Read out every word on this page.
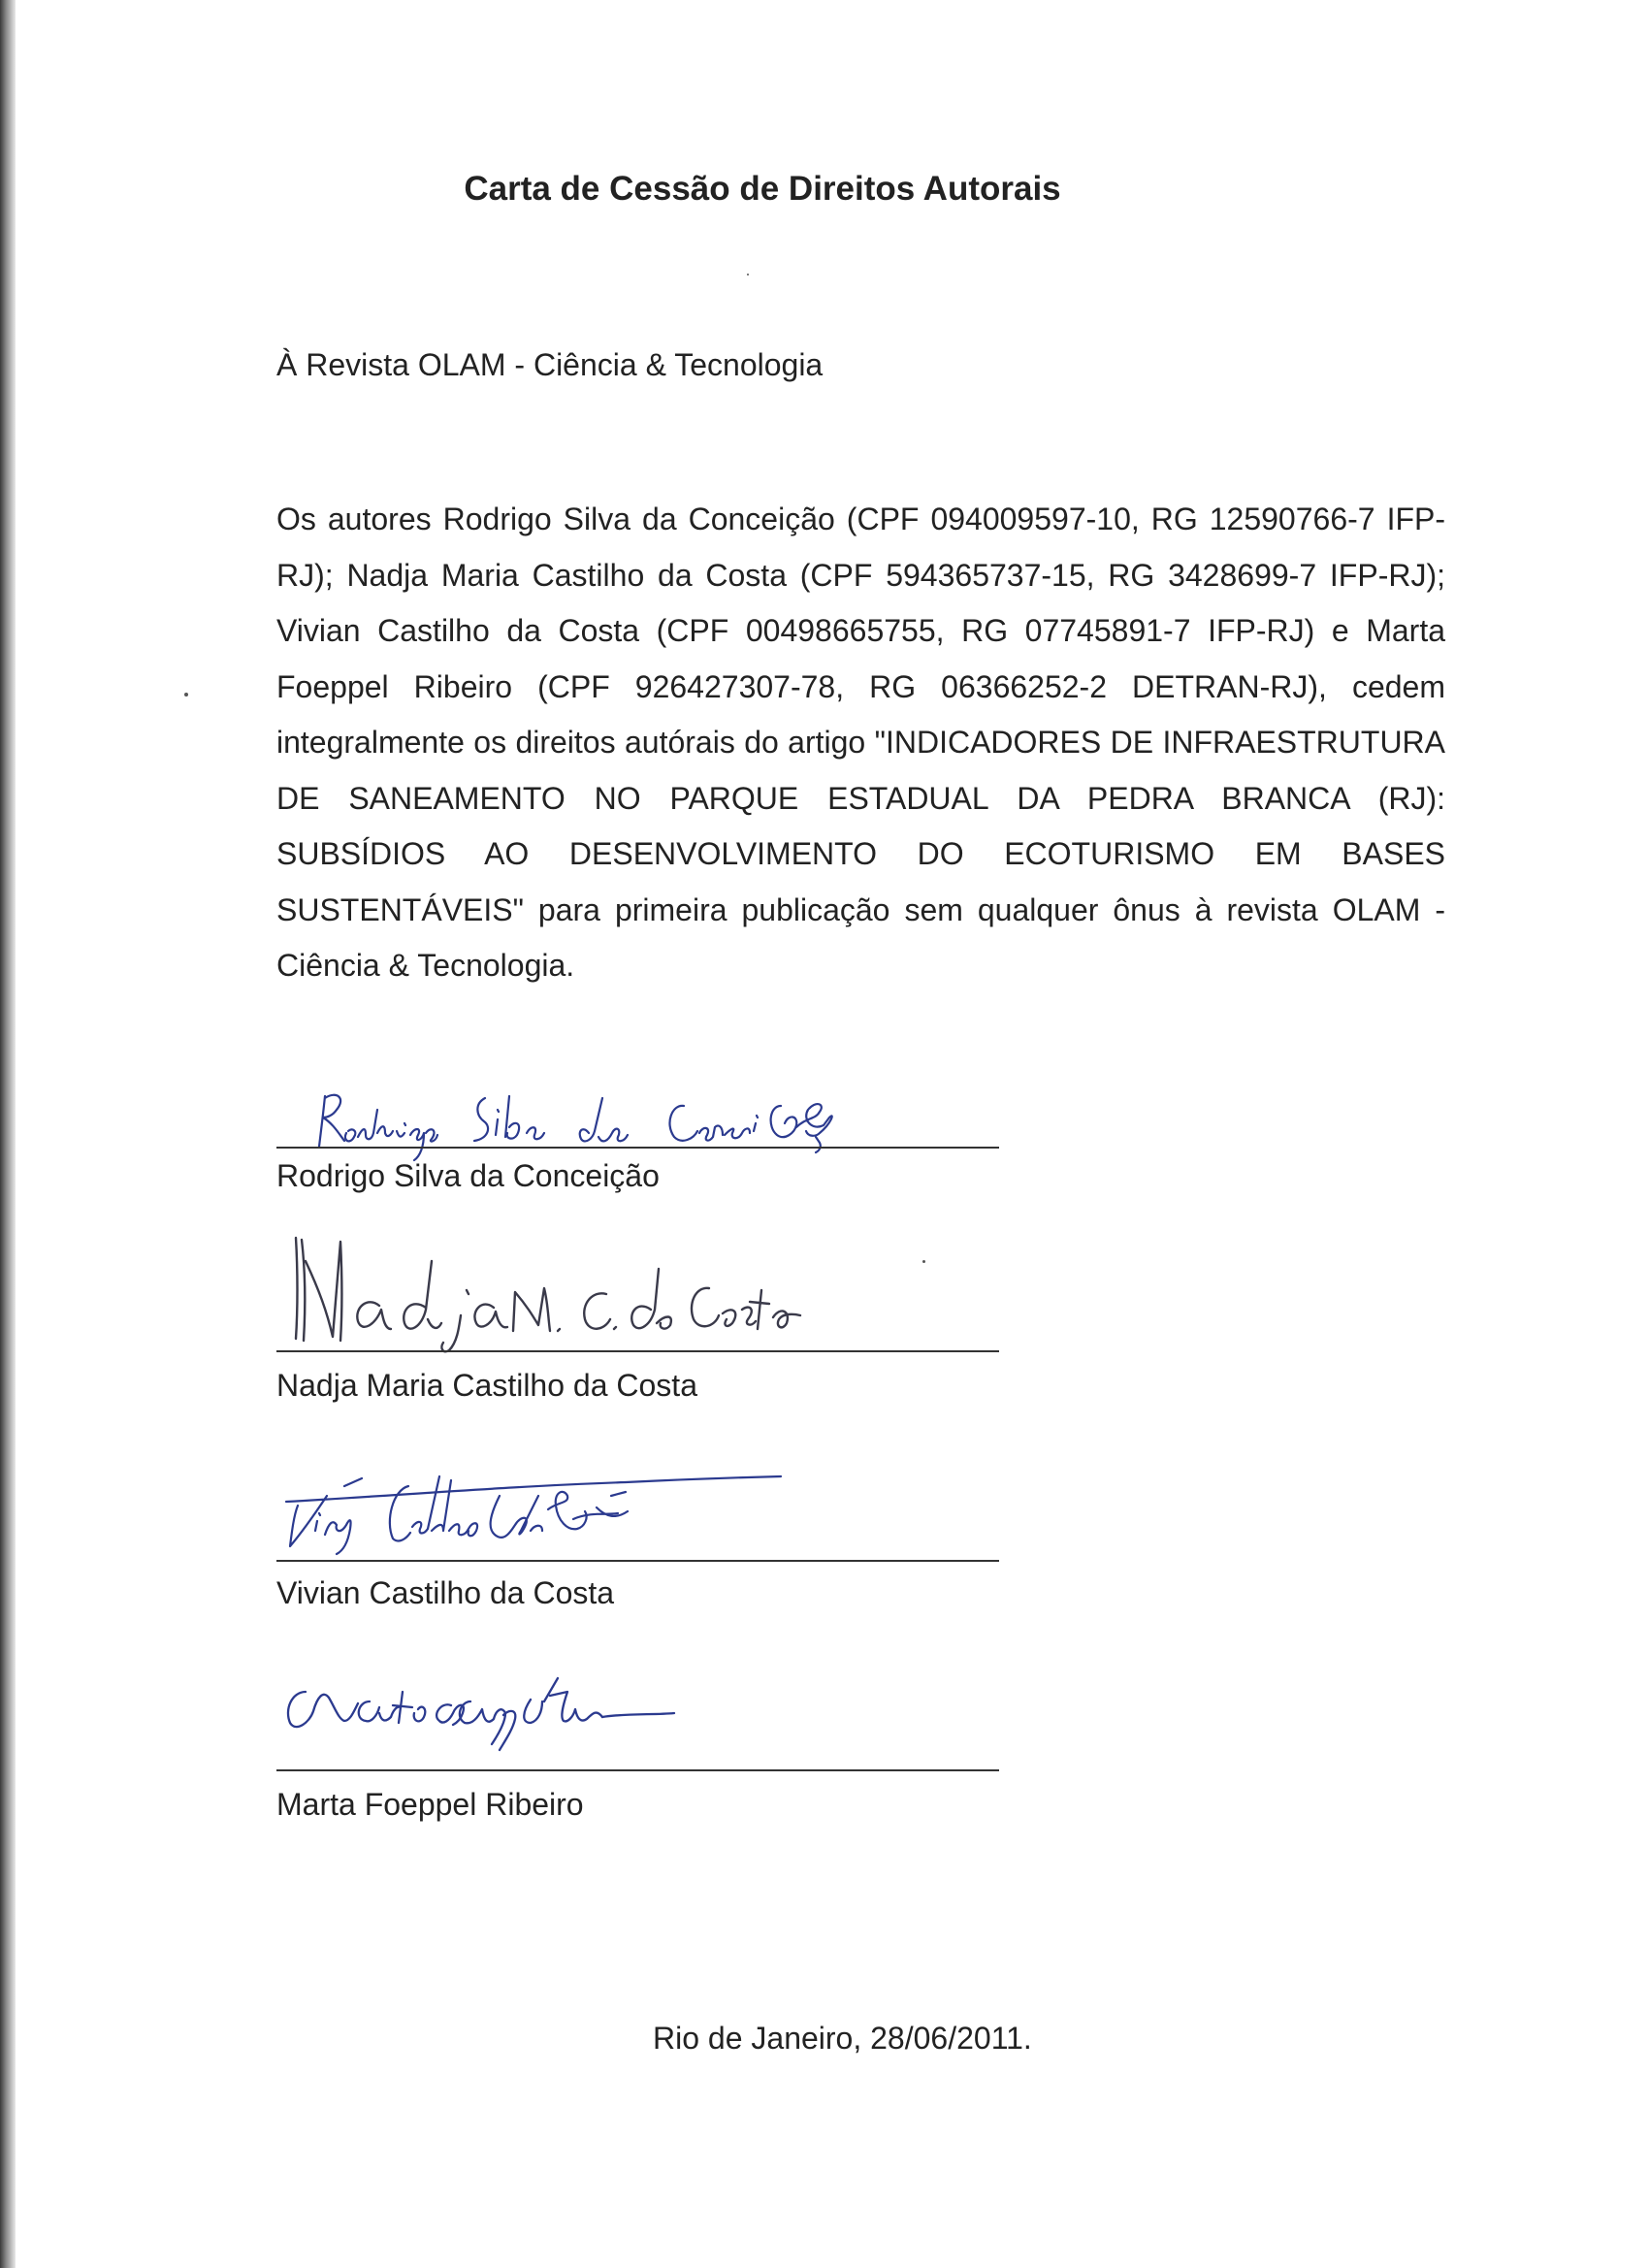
Carta de Cessão de Direitos Autorais
À Revista OLAM - Ciência & Tecnologia
Os autores Rodrigo Silva da Conceição (CPF 094009597-10, RG 12590766-7 IFP-RJ); Nadja Maria Castilho da Costa (CPF 594365737-15, RG 3428699-7 IFP-RJ); Vivian Castilho da Costa (CPF 00498665755, RG 07745891-7 IFP-RJ) e Marta Foeppel Ribeiro (CPF 926427307-78, RG 06366252-2 DETRAN-RJ), cedem integralmente os direitos autórais do artigo "INDICADORES DE INFRAESTRUTURA DE SANEAMENTO NO PARQUE ESTADUAL DA PEDRA BRANCA (RJ): SUBSÍDIOS AO DESENVOLVIMENTO DO ECOTURISMO EM BASES SUSTENTÁVEIS" para primeira publicação sem qualquer ônus à revista OLAM - Ciência & Tecnologia.
Rodrigo Silva da Conceição
Nadja Maria Castilho da Costa
Vivian Castilho da Costa
Marta Foeppel Ribeiro
Rio de Janeiro, 28/06/2011.
